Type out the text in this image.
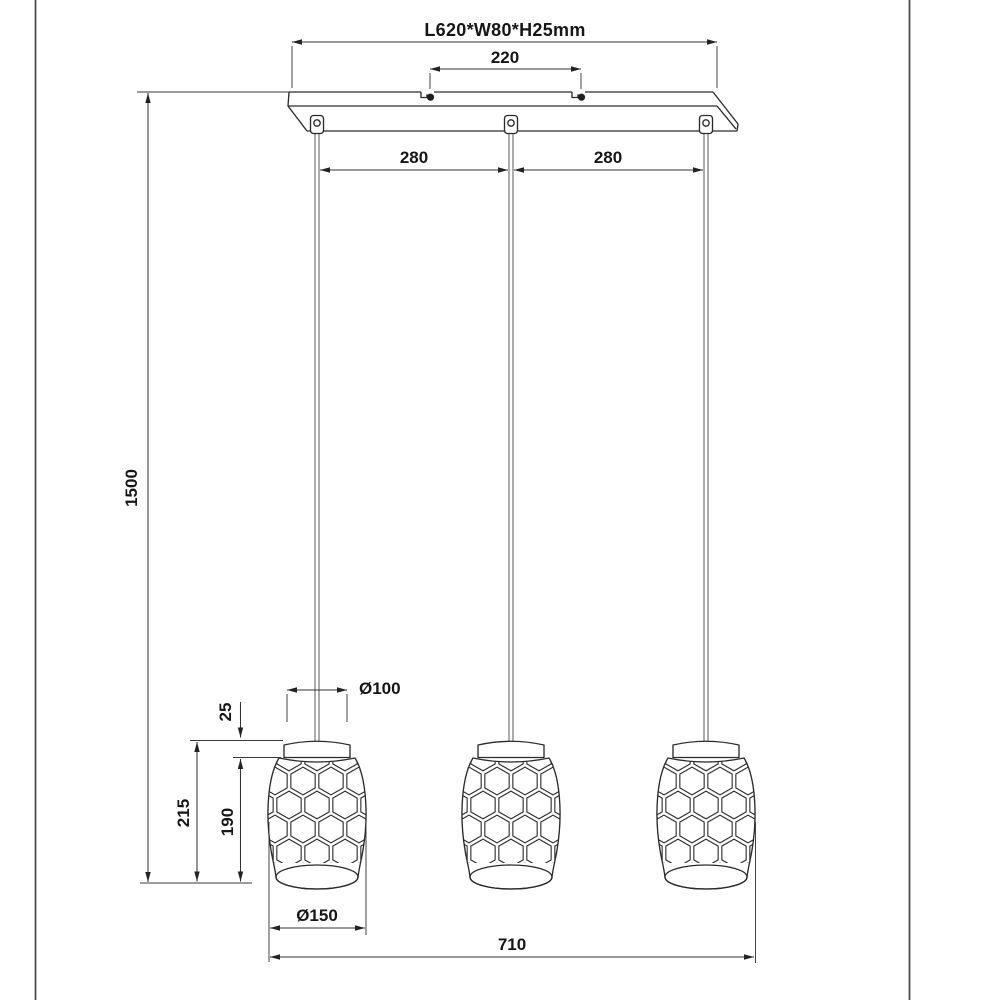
L620*W80*H25mm
220
280	280
1500
Ø100
25
190
215
Ø150
710
